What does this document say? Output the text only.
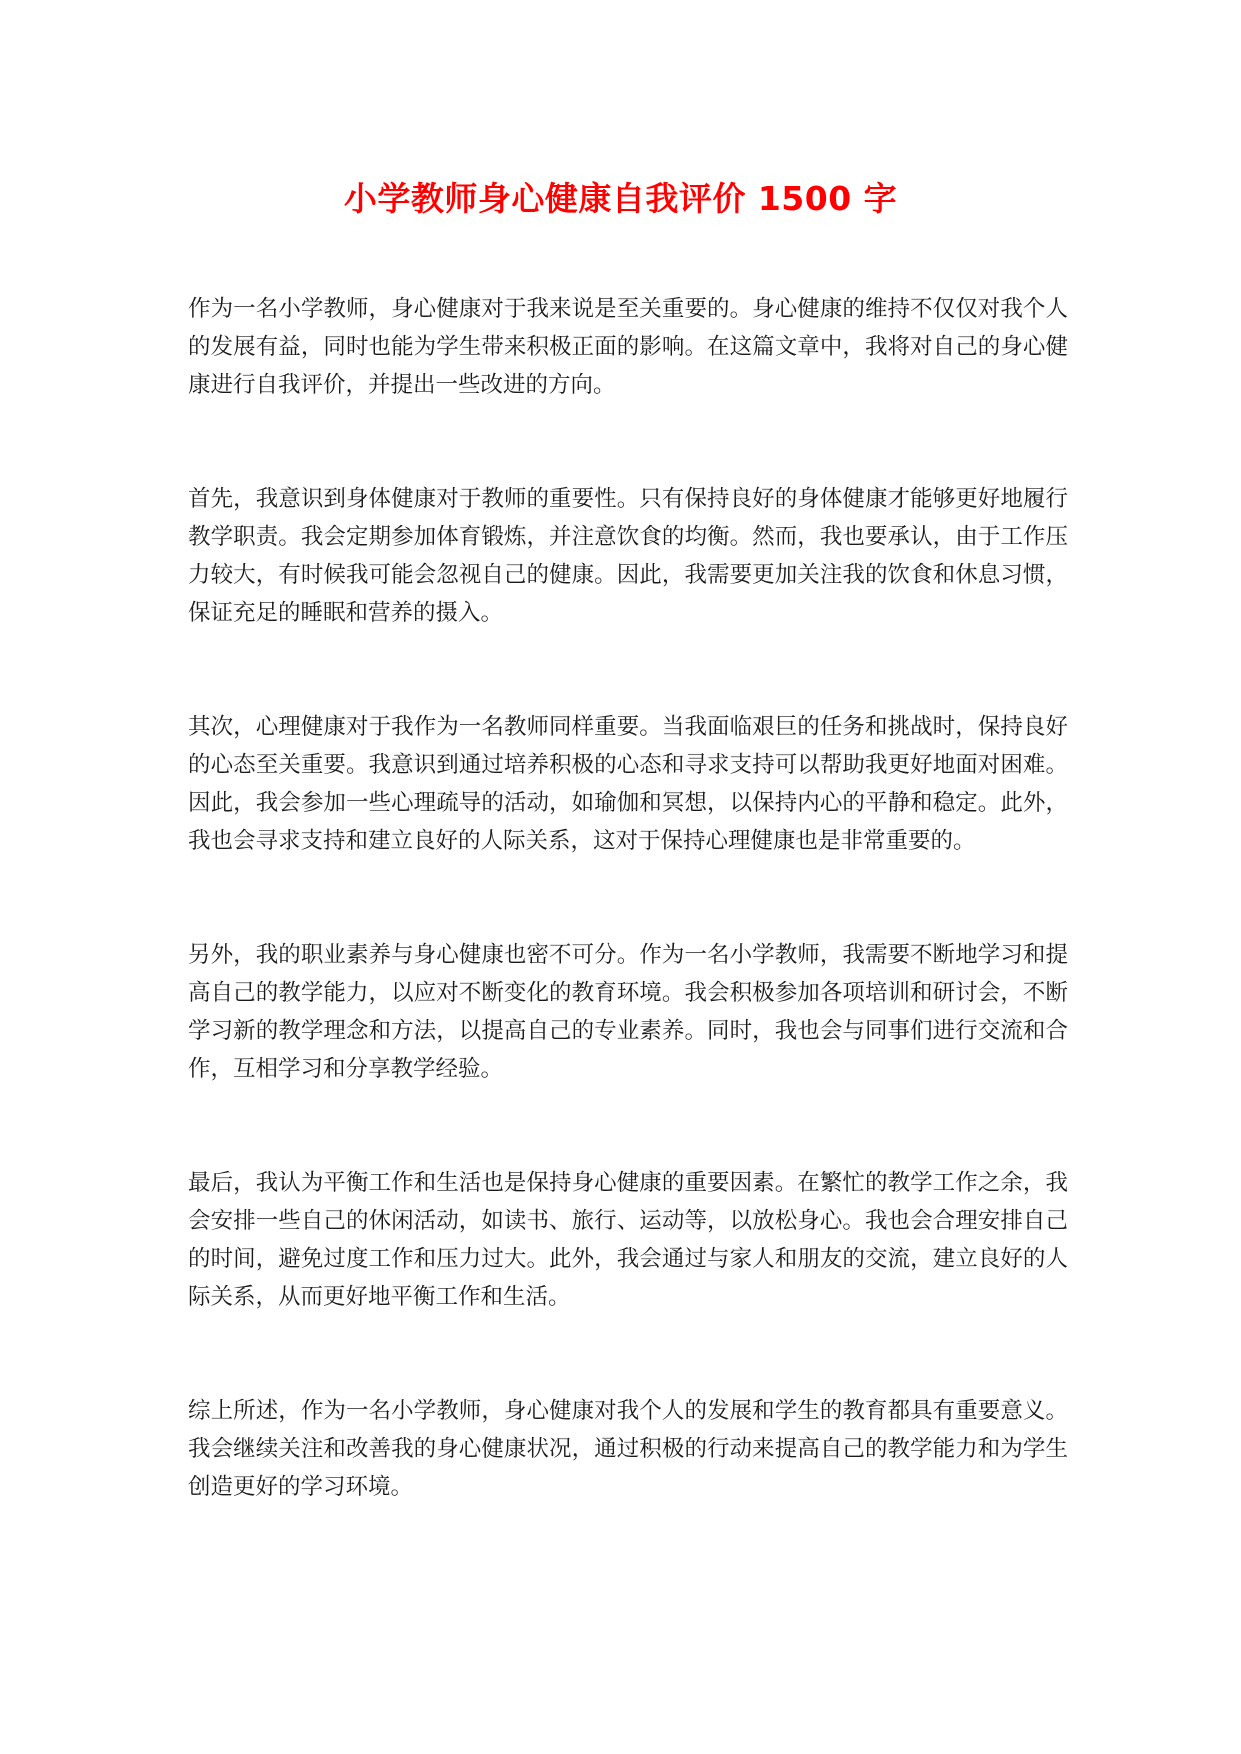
小学教师身心健康自我评价 1500 字

作为一名小学教师，身心健康对于我来说是至关重要的。身心健康的维持不仅仅对我个人的发展有益，同时也能为学生带来积极正面的影响。在这篇文章中，我将对自己的身心健康进行自我评价，并提出一些改进的方向。

首先，我意识到身体健康对于教师的重要性。只有保持良好的身体健康才能够更好地履行教学职责。我会定期参加体育锻炼，并注意饮食的均衡。然而，我也要承认，由于工作压力较大，有时候我可能会忽视自己的健康。因此，我需要更加关注我的饮食和休息习惯，保证充足的睡眠和营养的摄入。

其次，心理健康对于我作为一名教师同样重要。当我面临艰巨的任务和挑战时，保持良好的心态至关重要。我意识到通过培养积极的心态和寻求支持可以帮助我更好地面对困难。因此，我会参加一些心理疏导的活动，如瑜伽和冥想，以保持内心的平静和稳定。此外，我也会寻求支持和建立良好的人际关系，这对于保持心理健康也是非常重要的。

另外，我的职业素养与身心健康也密不可分。作为一名小学教师，我需要不断地学习和提高自己的教学能力，以应对不断变化的教育环境。我会积极参加各项培训和研讨会，不断学习新的教学理念和方法，以提高自己的专业素养。同时，我也会与同事们进行交流和合作，互相学习和分享教学经验。

最后，我认为平衡工作和生活也是保持身心健康的重要因素。在繁忙的教学工作之余，我会安排一些自己的休闲活动，如读书、旅行、运动等，以放松身心。我也会合理安排自己的时间，避免过度工作和压力过大。此外，我会通过与家人和朋友的交流，建立良好的人际关系，从而更好地平衡工作和生活。

综上所述，作为一名小学教师，身心健康对我个人的发展和学生的教育都具有重要意义。我会继续关注和改善我的身心健康状况，通过积极的行动来提高自己的教学能力和为学生创造更好的学习环境。
